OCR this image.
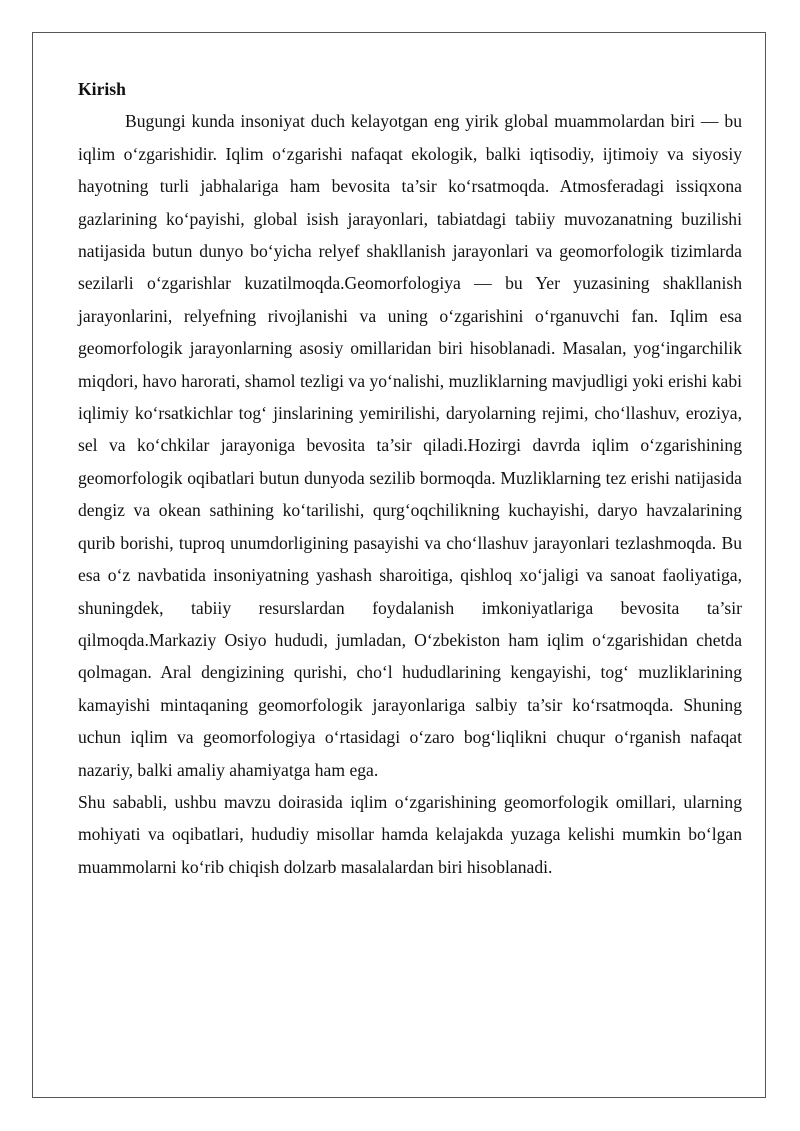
Kirish

Bugungi kunda insoniyat duch kelayotgan eng yirik global muammolardan biri — bu iqlim o‘zgarishidir. Iqlim o‘zgarishi nafaqat ekologik, balki iqtisodiy, ijtimoiy va siyosiy hayotning turli jabhalariga ham bevosita ta’sir ko‘rsatmoqda. Atmosferadagi issiqxona gazlarining ko‘payishi, global isish jarayonlari, tabiatdagi tabiiy muvozanatning buzilishi natijasida butun dunyo bo‘yicha relyef shakllanish jarayonlari va geomorfologik tizimlarda sezilarli o‘zgarishlar kuzatilmoqda.Geomorfologiya — bu Yer yuzasining shakllanish jarayonlarini, relyefning rivojlanishi va uning o‘zgarishini o‘rganuvchi fan. Iqlim esa geomorfologik jarayonlarning asosiy omillaridan biri hisoblanadi. Masalan, yog‘ingarchilik miqdori, havo harorati, shamol tezligi va yo‘nalishi, muzliklarning mavjudligi yoki erishi kabi iqlimiy ko‘rsatkichlar tog‘ jinslarining yemirilishi, daryolarning rejimi, cho‘llashuv, eroziya, sel va ko‘chkilar jarayoniga bevosita ta’sir qiladi.Hozirgi davrda iqlim o‘zgarishining geomorfologik oqibatlari butun dunyoda sezilib bormoqda. Muzliklarning tez erishi natijasida dengiz va okean sathining ko‘tarilishi, qurg‘oqchilikning kuchayishi, daryo havzalarining qurib borishi, tuproq unumdorligining pasayishi va cho‘llashuv jarayonlari tezlashmoqda. Bu esa o‘z navbatida insoniyatning yashash sharoitiga, qishloq xo‘jaligi va sanoat faoliyatiga, shuningdek, tabiiy resurslardan foydalanish imkoniyatlariga bevosita ta’sir qilmoqda.Markaziy Osiyo hududi, jumladan, O‘zbekiston ham iqlim o‘zgarishidan chetda qolmagan. Aral dengizining qurishi, cho‘l hududlarining kengayishi, tog‘ muzliklarining kamayishi mintaqaning geomorfologik jarayonlariga salbiy ta’sir ko‘rsatmoqda. Shuning uchun iqlim va geomorfologiya o‘rtasidagi o‘zaro bog‘liqlikni chuqur o‘rganish nafaqat nazariy, balki amaliy ahamiyatga ham ega.

Shu sababli, ushbu mavzu doirasida iqlim o‘zgarishining geomorfologik omillari, ularning mohiyati va oqibatlari, hududiy misollar hamda kelajakda yuzaga kelishi mumkin bo‘lgan muammolarni ko‘rib chiqish dolzarb masalalardan biri hisoblanadi.
